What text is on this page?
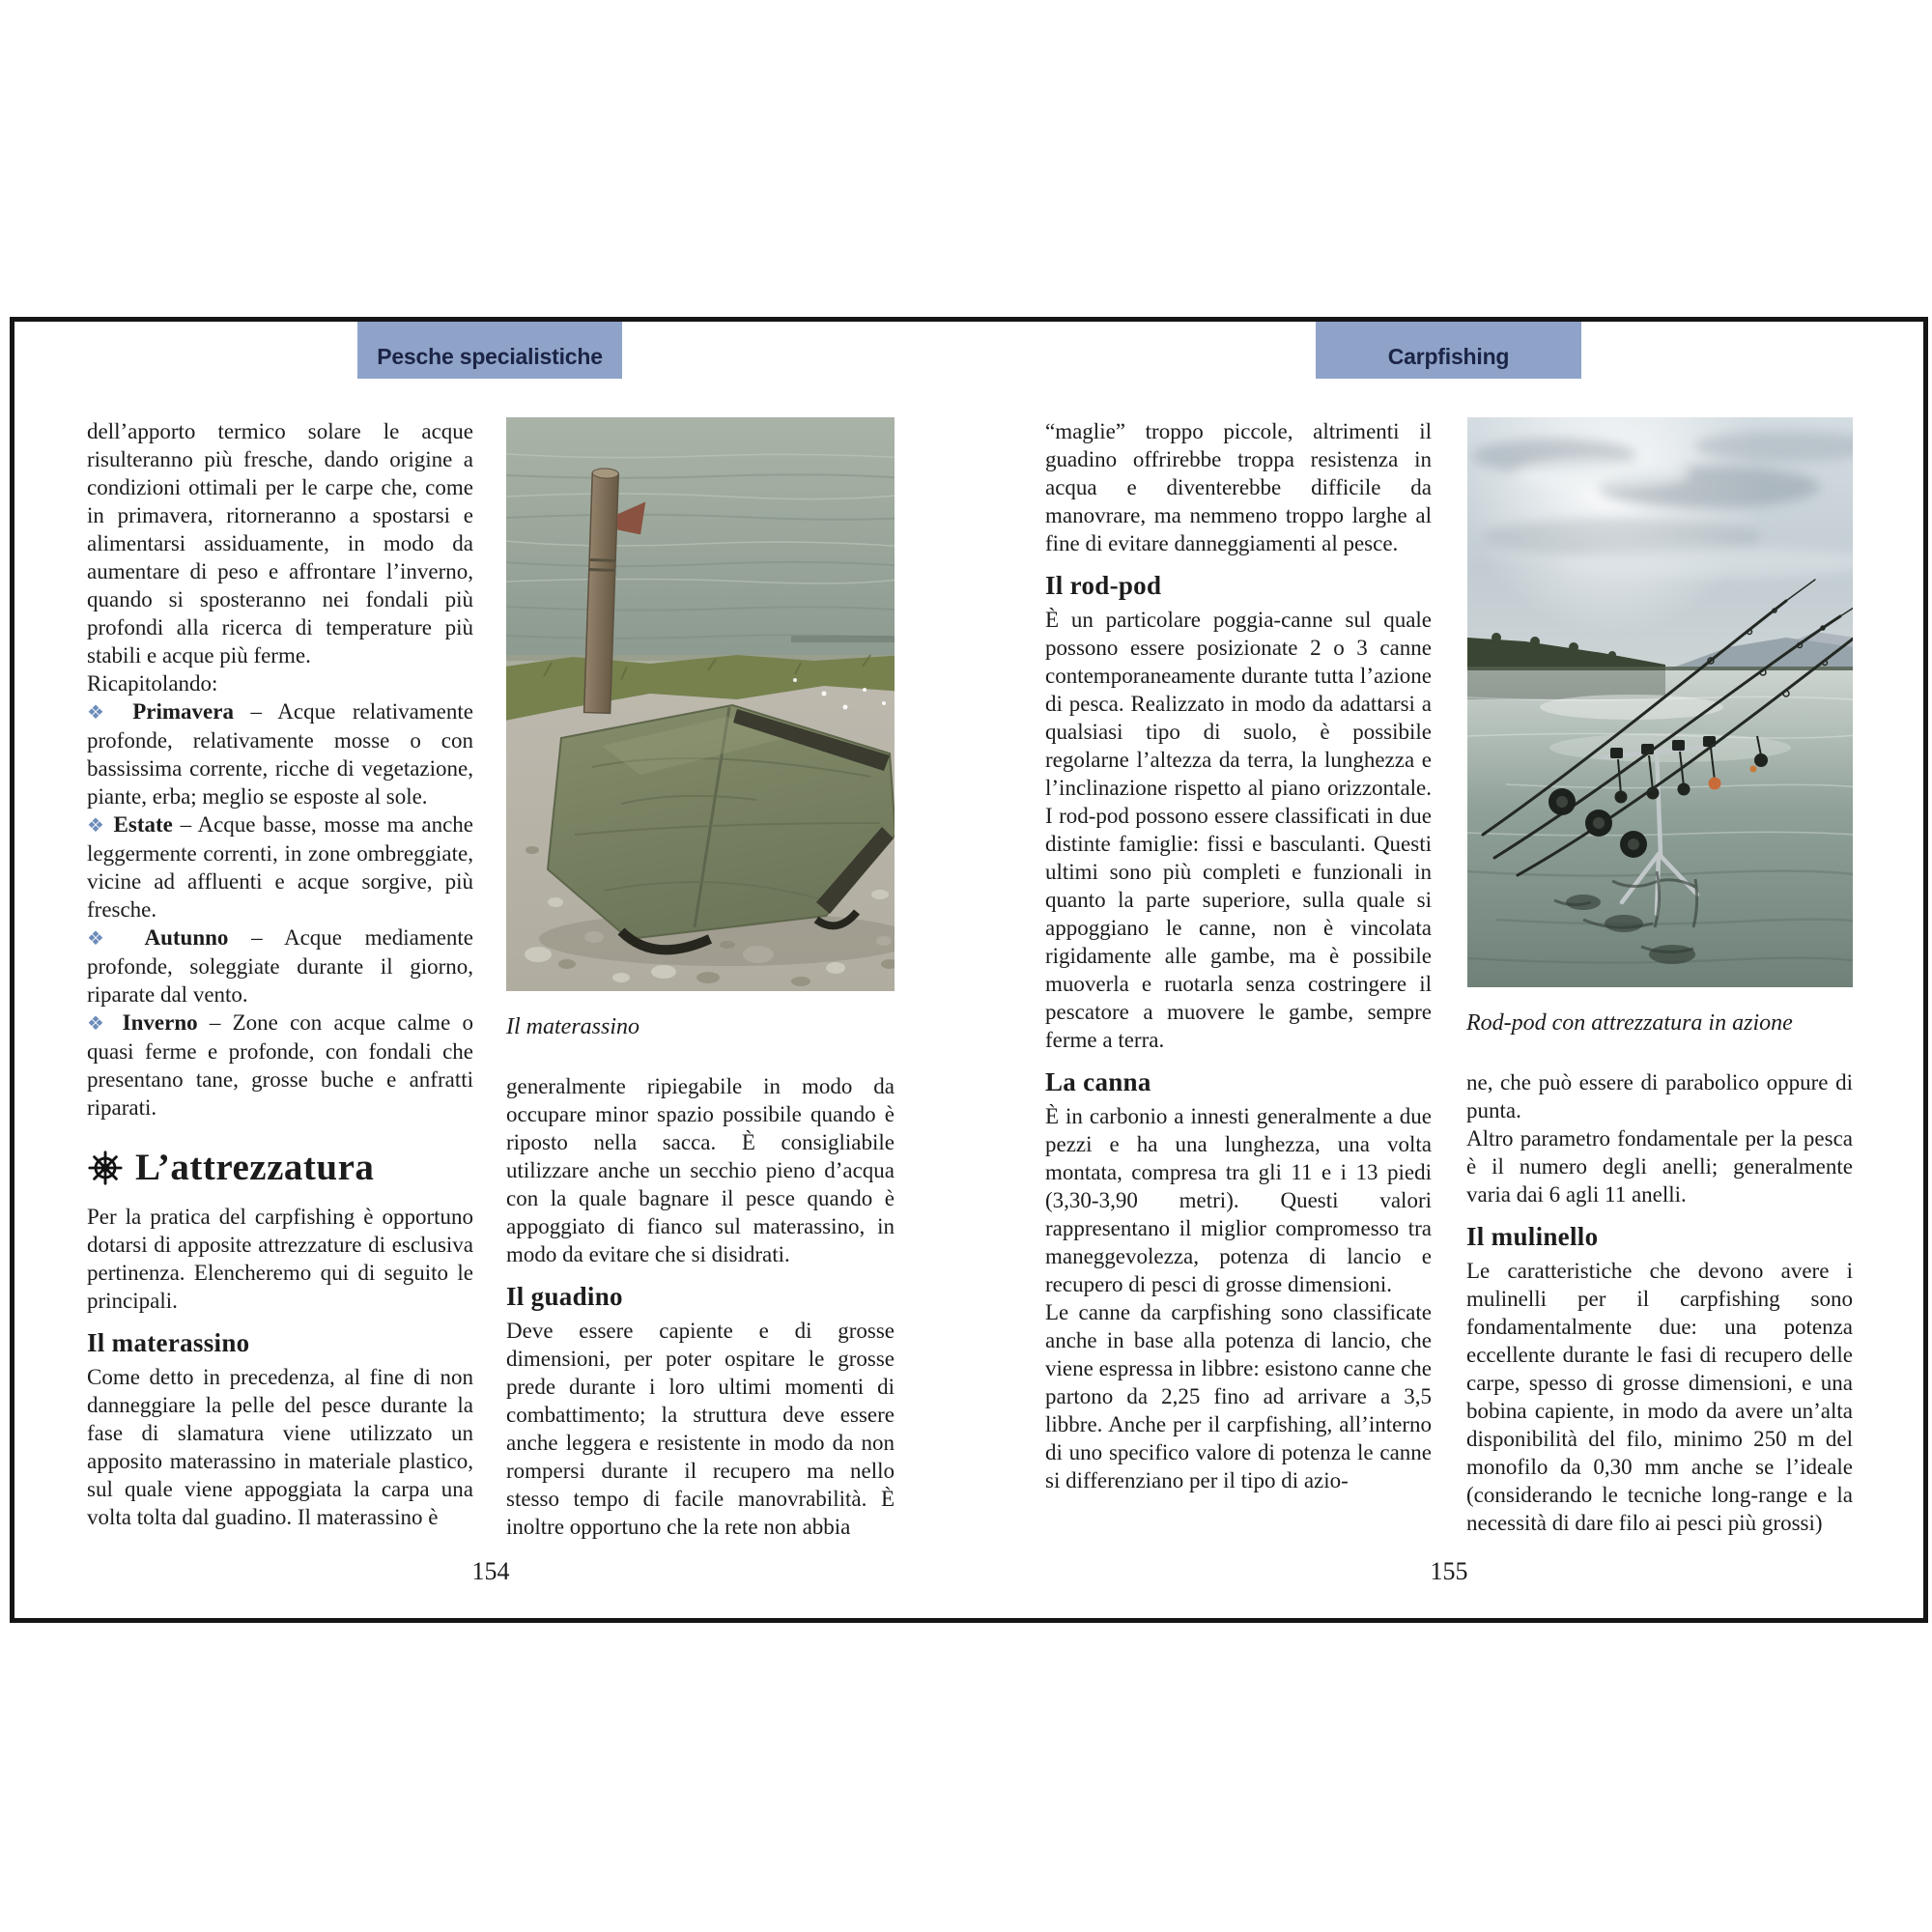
Pesche specialistiche	Carpfishing

dell’apporto termico solare le acque risulteranno più fresche, dando origine a condizioni ottimali per le carpe che, come in primavera, ritorneranno a spostarsi e alimentarsi assiduamente, in modo da aumentare di peso e affrontare l’inverno, quando si sposteranno nei fondali più profondi alla ricerca di temperature più stabili e acque più ferme.

Ricapitolando:

❖ Primavera – Acque relativamente profonde, relativamente mosse o con bassissima corrente, ricche di vegetazione, piante, erba; meglio se esposte al sole.

❖ Estate – Acque basse, mosse ma anche leggermente correnti, in zone ombreggiate, vicine ad affluenti e acque sorgive, più fresche.

❖ Autunno – Acque mediamente profonde, soleggiate durante il giorno, riparate dal vento.

❖ Inverno – Zone con acque calme o quasi ferme e profonde, con fondali che presentano tane, grosse buche e anfratti riparati.

L’attrezzatura

Per la pratica del carpfishing è opportuno dotarsi di apposite attrezzature di esclusiva pertinenza. Elencheremo qui di seguito le principali.

Il materassino

Come detto in precedenza, al fine di non danneggiare la pelle del pesce durante la fase di slamatura viene utilizzato un apposito materassino in materiale plastico, sul quale viene appoggiata la carpa una volta tolta dal guadino. Il materassino è

Il materassino

generalmente ripiegabile in modo da occupare minor spazio possibile quando è riposto nella sacca. È consigliabile utilizzare anche un secchio pieno d’acqua con la quale bagnare il pesce quando è appoggiato di fianco sul materassino, in modo da evitare che si disidrati.

Il guadino

Deve essere capiente e di grosse dimensioni, per poter ospitare le grosse prede durante i loro ultimi momenti di combattimento; la struttura deve essere anche leggera e resistente in modo da non rompersi durante il recupero ma nello stesso tempo di facile manovrabilità. È inoltre opportuno che la rete non abbia

“maglie” troppo piccole, altrimenti il guadino offrirebbe troppa resistenza in acqua e diventerebbe difficile da manovrare, ma nemmeno troppo larghe al fine di evitare danneggiamenti al pesce.

Il rod-pod

È un particolare poggia-canne sul quale possono essere posizionate 2 o 3 canne contemporaneamente durante tutta l’azione di pesca. Realizzato in modo da adattarsi a qualsiasi tipo di suolo, è possibile regolarne l’altezza da terra, la lunghezza e l’inclinazione rispetto al piano orizzontale. I rod-pod possono essere classificati in due distinte famiglie: fissi e basculanti. Questi ultimi sono più completi e funzionali in quanto la parte superiore, sulla quale si appoggiano le canne, non è vincolata rigidamente alle gambe, ma è possibile muoverla e ruotarla senza costringere il pescatore a muovere le gambe, sempre ferme a terra.

La canna

È in carbonio a innesti generalmente a due pezzi e ha una lunghezza, una volta montata, compresa tra gli 11 e i 13 piedi (3,30-3,90 metri). Questi valori rappresentano il miglior compromesso tra maneggevolezza, potenza di lancio e recupero di pesci di grosse dimensioni.

Le canne da carpfishing sono classificate anche in base alla potenza di lancio, che viene espressa in libbre: esistono canne che partono da 2,25 fino ad arrivare a 3,5 libbre. Anche per il carpfishing, all’interno di uno specifico valore di potenza le canne si differenziano per il tipo di azio-

Rod-pod con attrezzatura in azione

ne, che può essere di parabolico oppure di punta.

Altro parametro fondamentale per la pesca è il numero degli anelli; generalmente varia dai 6 agli 11 anelli.

Il mulinello

Le caratteristiche che devono avere i mulinelli per il carpfishing sono fondamentalmente due: una potenza eccellente durante le fasi di recupero delle carpe, spesso di grosse dimensioni, e una bobina capiente, in modo da avere un’alta disponibilità del filo, minimo 250 m del monofilo da 0,30 mm anche se l’ideale (considerando le tecniche long-range e la necessità di dare filo ai pesci più grossi)

154	155
